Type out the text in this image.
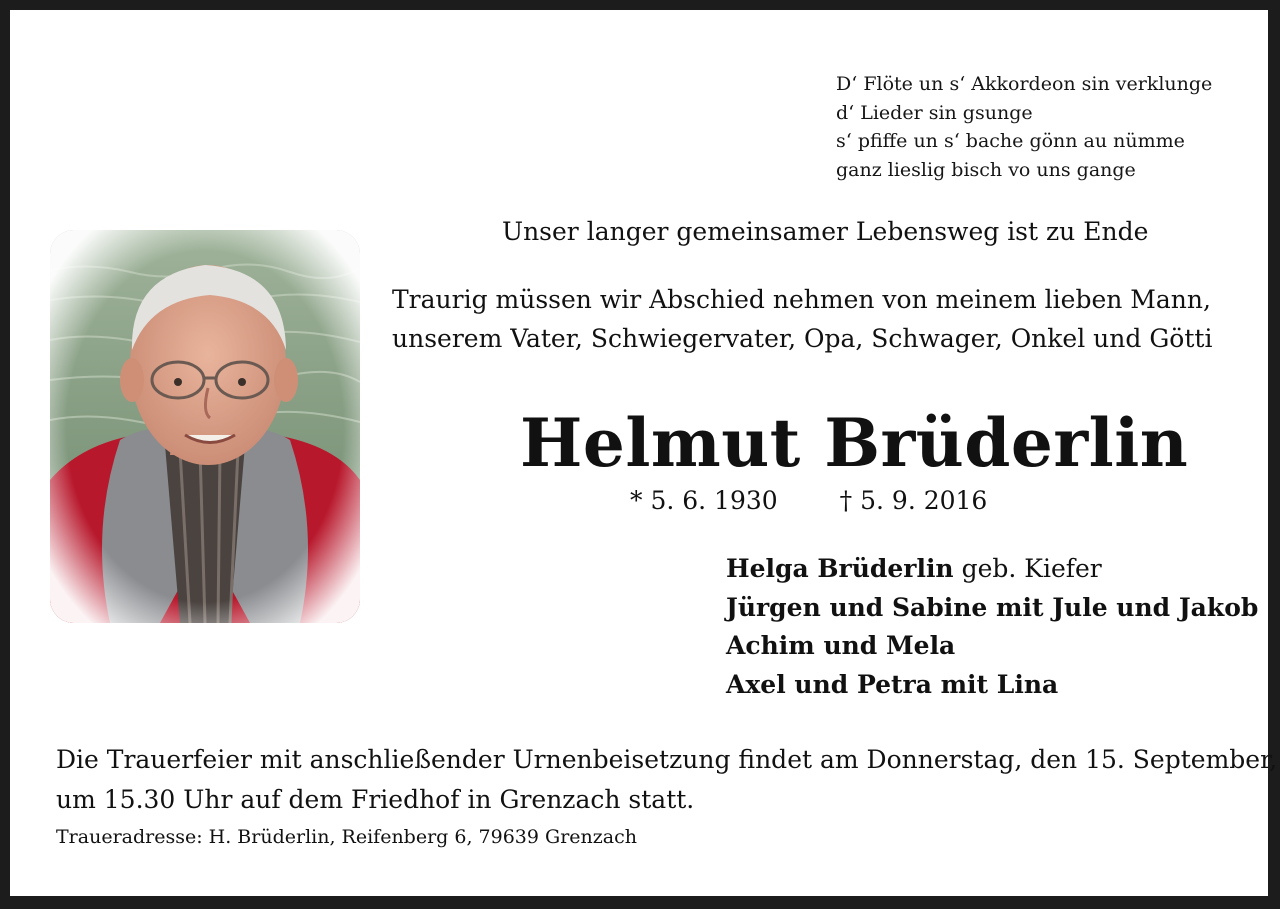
D‘ Flöte un s‘ Akkordeon sin verklunge
d‘ Lieder sin gsunge
s‘ pfiffe un s‘ bache gönn au nümme
ganz lieslig bisch vo uns gange
Unser langer gemeinsamer Lebensweg ist zu Ende
Traurig müssen wir Abschied nehmen von meinem lieben Mann,
unserem Vater, Schwiegervater, Opa, Schwager, Onkel und Götti
Helmut Brüderlin
* 5. 6. 1930 † 5. 9. 2016
Helga Brüderlin geb. Kiefer
Jürgen und Sabine mit Jule und Jakob
Achim und Mela
Axel und Petra mit Lina
Die Trauerfeier mit anschließender Urnenbeisetzung findet am Donnerstag, den 15. September,
um 15.30 Uhr auf dem Friedhof in Grenzach statt.
Traueradresse: H. Brüderlin, Reifenberg 6, 79639 Grenzach
